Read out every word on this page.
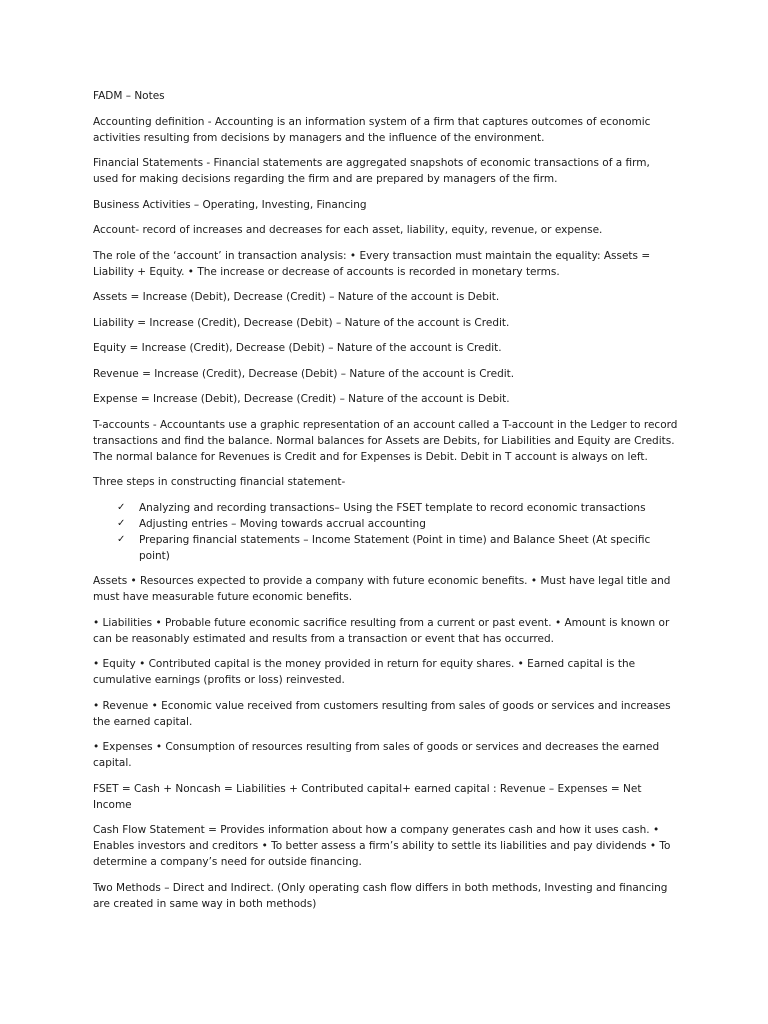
FADM – Notes

Accounting definition - Accounting is an information system of a firm that captures outcomes of economic activities resulting from decisions by managers and the influence of the environment.

Financial Statements - Financial statements are aggregated snapshots of economic transactions of a firm, used for making decisions regarding the firm and are prepared by managers of the firm.

Business Activities – Operating, Investing, Financing

Account- record of increases and decreases for each asset, liability, equity, revenue, or expense.

The role of the ‘account’ in transaction analysis: • Every transaction must maintain the equality: Assets = Liability + Equity. • The increase or decrease of accounts is recorded in monetary terms.

Assets = Increase (Debit), Decrease (Credit) – Nature of the account is Debit.

Liability = Increase (Credit), Decrease (Debit) – Nature of the account is Credit.

Equity = Increase (Credit), Decrease (Debit) – Nature of the account is Credit.

Revenue = Increase (Credit), Decrease (Debit) – Nature of the account is Credit.

Expense = Increase (Debit), Decrease (Credit) – Nature of the account is Debit.

T-accounts - Accountants use a graphic representation of an account called a T-account in the Ledger to record transactions and find the balance. Normal balances for Assets are Debits, for Liabilities and Equity are Credits. The normal balance for Revenues is Credit and for Expenses is Debit. Debit in T account is always on left.

Three steps in constructing financial statement-

✓ Analyzing and recording transactions– Using the FSET template to record economic transactions
✓ Adjusting entries – Moving towards accrual accounting
✓ Preparing financial statements – Income Statement (Point in time) and Balance Sheet (At specific point)

Assets • Resources expected to provide a company with future economic benefits. • Must have legal title and must have measurable future economic benefits.

• Liabilities • Probable future economic sacrifice resulting from a current or past event. • Amount is known or can be reasonably estimated and results from a transaction or event that has occurred.

• Equity • Contributed capital is the money provided in return for equity shares. • Earned capital is the cumulative earnings (profits or loss) reinvested.

• Revenue • Economic value received from customers resulting from sales of goods or services and increases the earned capital.

• Expenses • Consumption of resources resulting from sales of goods or services and decreases the earned capital.

FSET = Cash + Noncash = Liabilities + Contributed capital+ earned capital : Revenue – Expenses = Net Income

Cash Flow Statement = Provides information about how a company generates cash and how it uses cash. • Enables investors and creditors • To better assess a firm’s ability to settle its liabilities and pay dividends • To determine a company’s need for outside financing.

Two Methods – Direct and Indirect. (Only operating cash flow differs in both methods, Investing and financing are created in same way in both methods)
